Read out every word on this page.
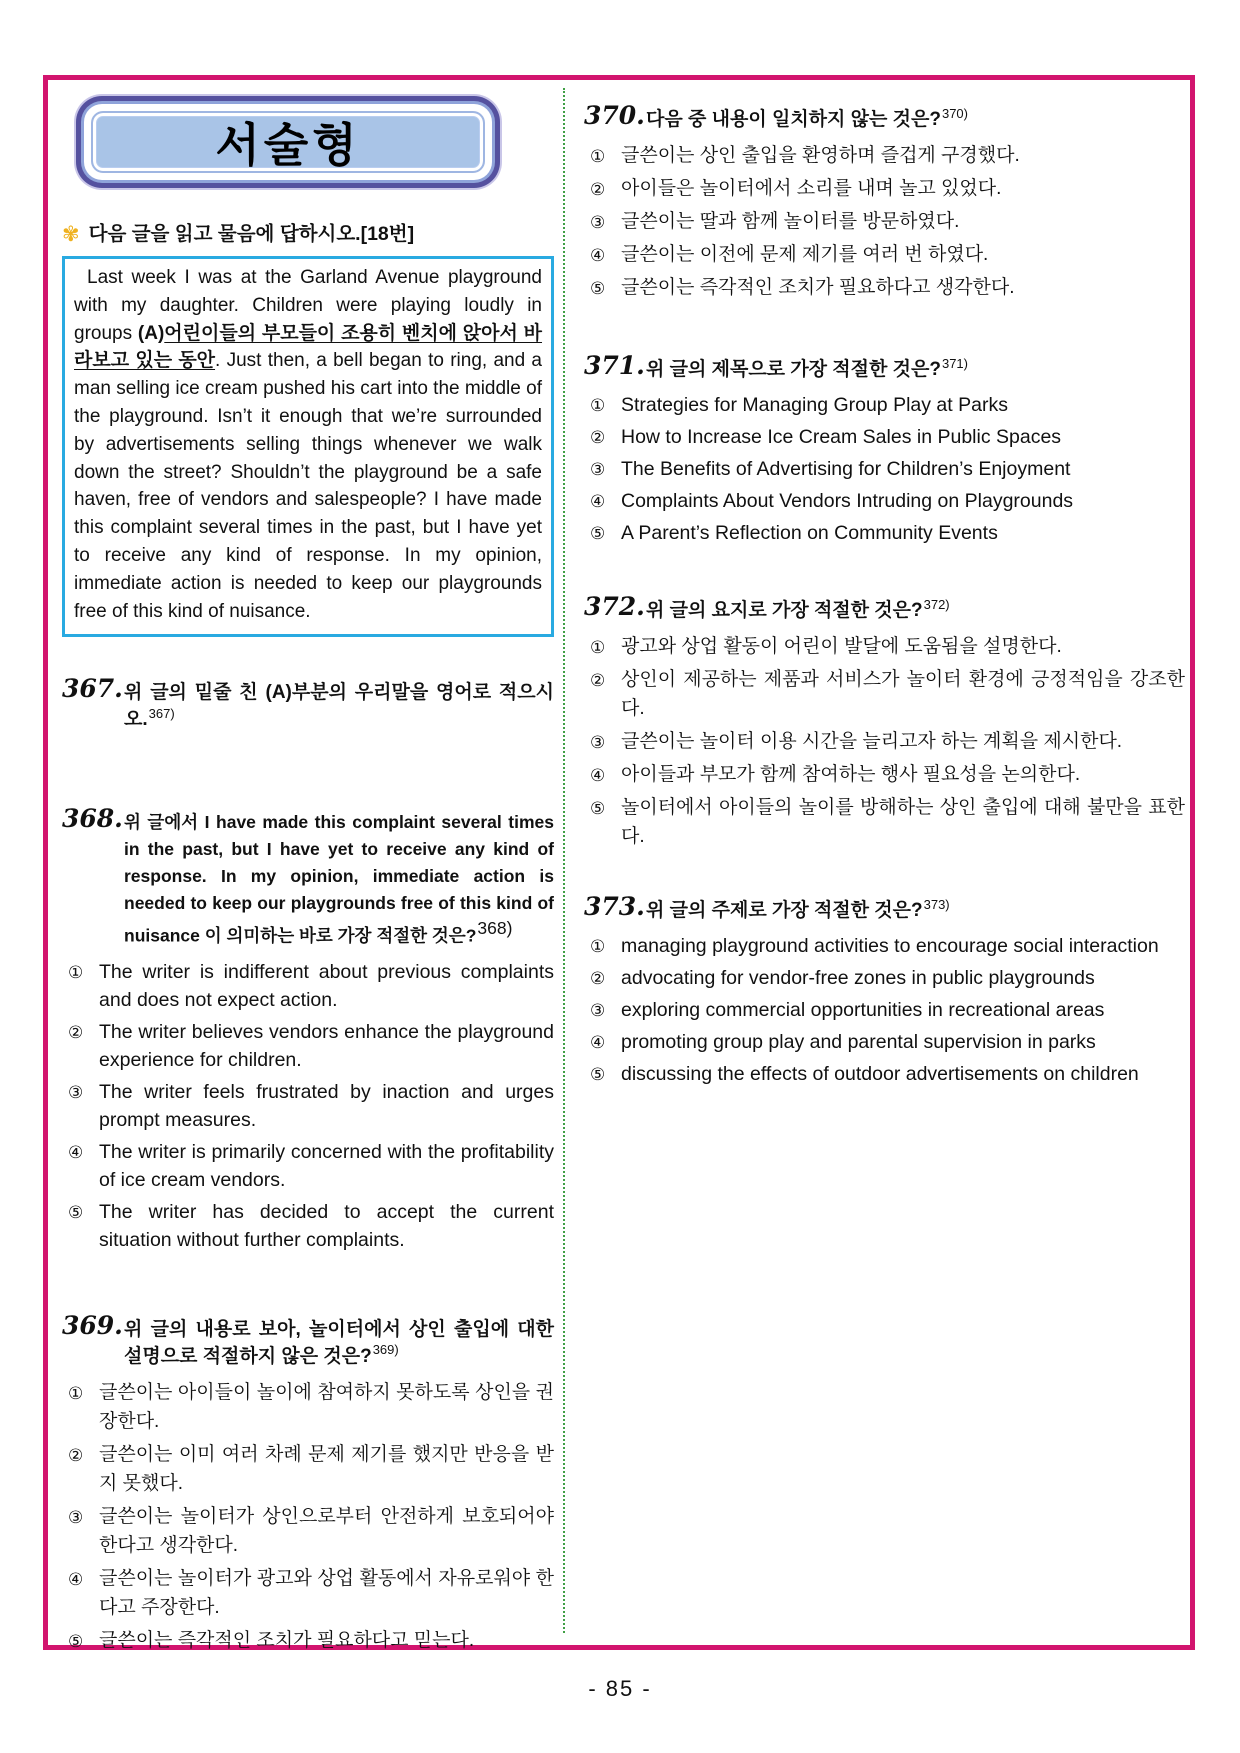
서술형
✾ 다음 글을 읽고 물음에 답하시오.[18번]

Last week I was at the Garland Avenue playground with my daughter. Children were playing loudly in groups (A)어린이들의 부모들이 조용히 벤치에 앉아서 바라보고 있는 동안. Just then, a bell began to ring, and a man selling ice cream pushed his cart into the middle of the playground. Isn’t it enough that we’re surrounded by advertisements selling things whenever we walk down the street? Shouldn’t the playground be a safe haven, free of vendors and salespeople? I have made this complaint several times in the past, but I have yet to receive any kind of response. In my opinion, immediate action is needed to keep our playgrounds free of this kind of nuisance.

367. 위 글의 밑줄 친 (A)부분의 우리말을 영어로 적으시오.$^{367)}$
368. 위 글에서 I have made this complaint several times in the past, but I have yet to receive any kind of response. In my opinion, immediate action is needed to keep our playgrounds free of this kind of nuisance 이 의미하는 바로 가장 적절한 것은?$^{368)}$
① The writer is indifferent about previous complaints and does not expect action.
② The writer believes vendors enhance the playground experience for children.
③ The writer feels frustrated by inaction and urges prompt measures.
④ The writer is primarily concerned with the profitability of ice cream vendors.
⑤ The writer has decided to accept the current situation without further complaints.
369. 위 글의 내용로 보아, 놀이터에서 상인 출입에 대한 설명으로 적절하지 않은 것은?$^{369)}$
① 글쓴이는 아이들이 놀이에 참여하지 못하도록 상인을 권장한다.
② 글쓴이는 이미 여러 차례 문제 제기를 했지만 반응을 받지 못했다.
③ 글쓴이는 놀이터가 상인으로부터 안전하게 보호되어야 한다고 생각한다.
④ 글쓴이는 놀이터가 광고와 상업 활동에서 자유로워야 한다고 주장한다.
⑤ 글쓴이는 즉각적인 조치가 필요하다고 믿는다.
370. 다음 중 내용이 일치하지 않는 것은?$^{370)}$
① 글쓴이는 상인 출입을 환영하며 즐겁게 구경했다.
② 아이들은 놀이터에서 소리를 내며 놀고 있었다.
③ 글쓴이는 딸과 함께 놀이터를 방문하였다.
④ 글쓴이는 이전에 문제 제기를 여러 번 하였다.
⑤ 글쓴이는 즉각적인 조치가 필요하다고 생각한다.
371. 위 글의 제목으로 가장 적절한 것은?$^{371)}$
① Strategies for Managing Group Play at Parks
② How to Increase Ice Cream Sales in Public Spaces
③ The Benefits of Advertising for Children’s Enjoyment
④ Complaints About Vendors Intruding on Playgrounds
⑤ A Parent’s Reflection on Community Events
372. 위 글의 요지로 가장 적절한 것은?$^{372)}$
① 광고와 상업 활동이 어린이 발달에 도움됨을 설명한다.
② 상인이 제공하는 제품과 서비스가 놀이터 환경에 긍정적임을 강조한다.
③ 글쓴이는 놀이터 이용 시간을 늘리고자 하는 계획을 제시한다.
④ 아이들과 부모가 함께 참여하는 행사 필요성을 논의한다.
⑤ 놀이터에서 아이들의 놀이를 방해하는 상인 출입에 대해 불만을 표한다.
373. 위 글의 주제로 가장 적절한 것은?$^{373)}$
① managing playground activities to encourage social interaction
② advocating for vendor-free zones in public playgrounds
③ exploring commercial opportunities in recreational areas
④ promoting group play and parental supervision in parks
⑤ discussing the effects of outdoor advertisements on children
- 85 -
